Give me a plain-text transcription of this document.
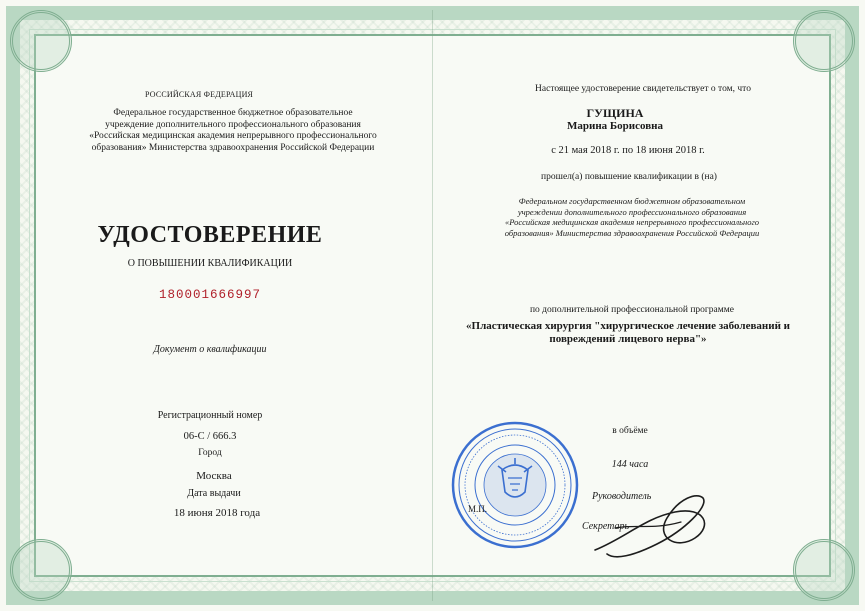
РОССИЙСКАЯ ФЕДЕРАЦИЯ
Федеральное государственное бюджетное образовательное
учреждение дополнительного профессионального образования
«Российская медицинская академия непрерывного профессионального
образования» Министерства здравоохранения Российской Федерации
УДОСТОВЕРЕНИЕ
О ПОВЫШЕНИИ КВАЛИФИКАЦИИ
180001666997
Документ о квалификации
Регистрационный номер
06-С / 666.3
Город
Москва
Дата выдачи
18 июня 2018 года
Настоящее удостоверение свидетельствует о том, что
ГУЩИНА
Марина Борисовна
с 21 мая 2018 г. по 18 июня 2018 г.
прошел(а) повышение квалификации в (на)
Федеральном государственном бюджетном образовательном
учреждении дополнительного профессионального образования
«Российская медицинская академия непрерывного профессионального
образования» Министерства здравоохранения Российской Федерации
по дополнительной профессиональной программе
«Пластическая хирургия "хирургическое лечение заболеваний и
повреждений лицевого нерва"»
в объёме
144 часа
М.П.
Руководитель
Секретарь
